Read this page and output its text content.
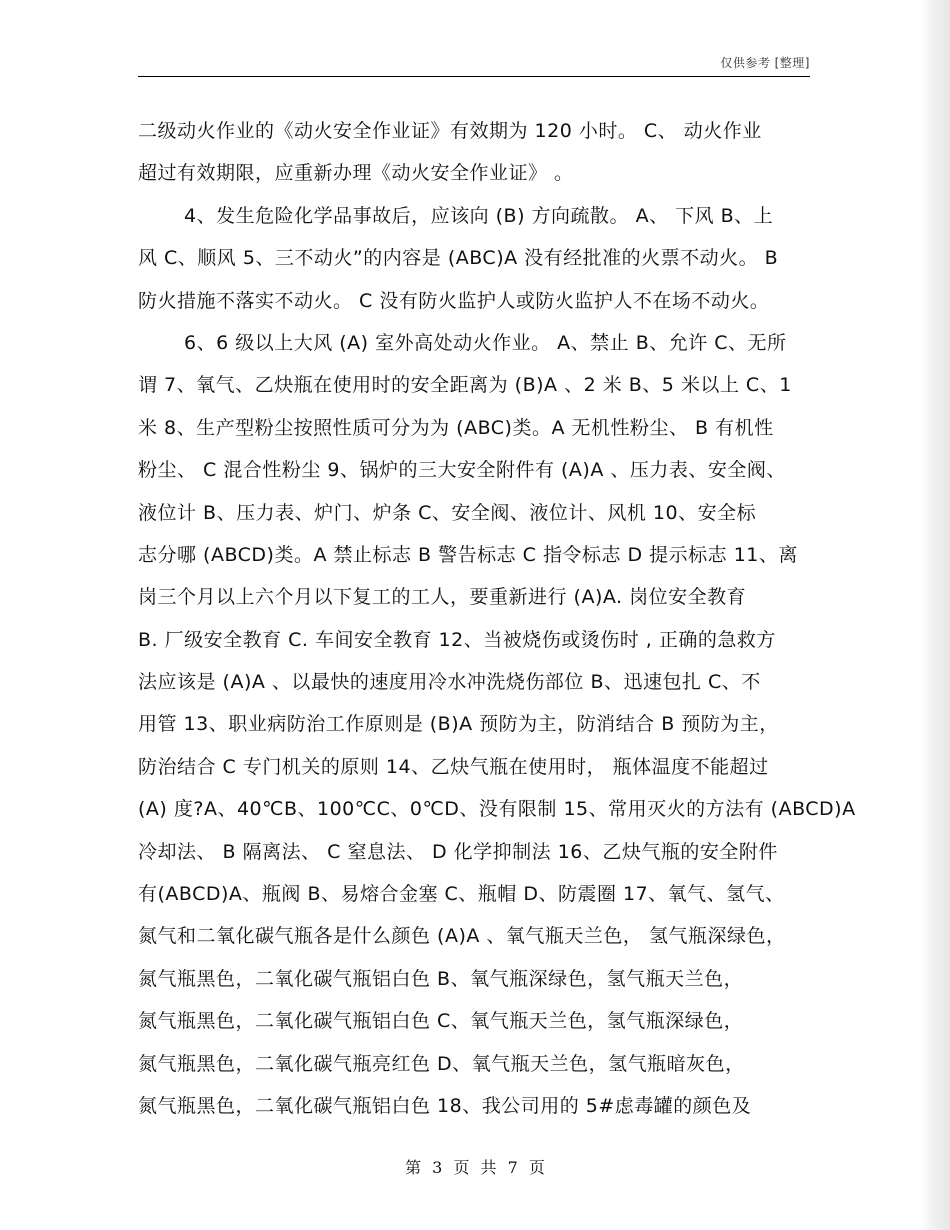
仅供参考 [整理]
二级动火作业的《动火安全作业证》有效期为 120 小时。 C、 动火作业
超过有效期限，应重新办理《动火安全作业证》 。
4、发生危险化学品事故后，应该向 (B) 方向疏散。 A、 下风 B、上
风 C、顺风 5、三不动火”的内容是 (ABC)A 没有经批准的火票不动火。 B
防火措施不落实不动火。 C 没有防火监护人或防火监护人不在场不动火。
6、6 级以上大风 (A) 室外高处动火作业。 A、禁止 B、允许 C、无所
谓 7、氧气、乙炔瓶在使用时的安全距离为 (B)A 、2 米 B、5 米以上 C、1
米 8、生产型粉尘按照性质可分为为 (ABC)类。A 无机性粉尘、 B 有机性
粉尘、 C 混合性粉尘 9、锅炉的三大安全附件有 (A)A 、压力表、安全阀、
液位计 B、压力表、炉门、炉条 C、安全阀、液位计、风机 10、安全标
志分哪 (ABCD)类。A 禁止标志 B 警告标志 C 指令标志 D 提示标志 11、离
岗三个月以上六个月以下复工的工人，要重新进行 (A)A. 岗位安全教育
B. 厂级安全教育 C. 车间安全教育 12、当被烧伤或烫伤时 , 正确的急救方
法应该是 (A)A 、以最快的速度用冷水冲洗烧伤部位 B、迅速包扎 C、不
用管 13、职业病防治工作原则是 (B)A 预防为主，防消结合 B 预防为主，
防治结合 C 专门机关的原则 14、乙炔气瓶在使用时， 瓶体温度不能超过
(A) 度?A、40℃B、100℃C、0℃D、没有限制 15、常用灭火的方法有 (ABCD)A
冷却法、 B 隔离法、 C 窒息法、 D 化学抑制法 16、乙炔气瓶的安全附件
有(ABCD)A、瓶阀 B、易熔合金塞 C、瓶帽 D、防震圈 17、氧气、氢气、
氮气和二氧化碳气瓶各是什么颜色 (A)A 、氧气瓶天兰色， 氢气瓶深绿色，
氮气瓶黑色，二氧化碳气瓶铝白色 B、氧气瓶深绿色，氢气瓶天兰色，
氮气瓶黑色，二氧化碳气瓶铝白色 C、氧气瓶天兰色，氢气瓶深绿色，
氮气瓶黑色，二氧化碳气瓶亮红色 D、氧气瓶天兰色，氢气瓶暗灰色，
氮气瓶黑色，二氧化碳气瓶铝白色 18、我公司用的 5#虑毒罐的颜色及
第 3 页 共 7 页
